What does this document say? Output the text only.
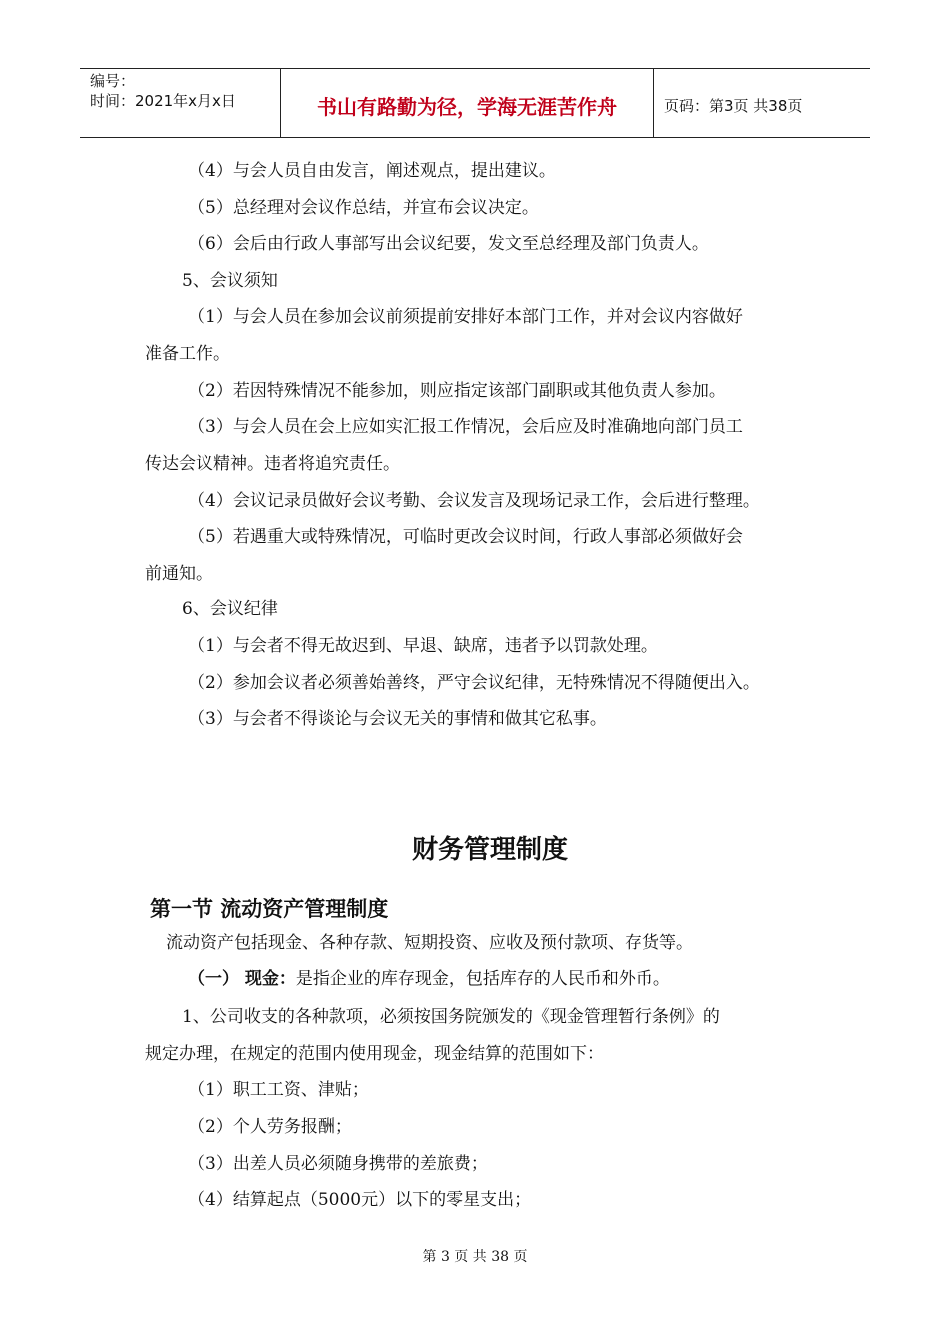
编号：
时间：2021年x月x日	书山有路勤为径，学海无涯苦作舟	页码：第3页 共38页
（4）与会人员自由发言，阐述观点，提出建议。
（5）总经理对会议作总结，并宣布会议决定。
（6）会后由行政人事部写出会议纪要，发文至总经理及部门负责人。
5、会议须知
（1）与会人员在参加会议前须提前安排好本部门工作，并对会议内容做好
准备工作。
（2）若因特殊情况不能参加，则应指定该部门副职或其他负责人参加。
（3）与会人员在会上应如实汇报工作情况，会后应及时准确地向部门员工
传达会议精神。违者将追究责任。
（4）会议记录员做好会议考勤、会议发言及现场记录工作，会后进行整理。
（5）若遇重大或特殊情况，可临时更改会议时间，行政人事部必须做好会
前通知。
6、会议纪律
（1）与会者不得无故迟到、早退、缺席，违者予以罚款处理。
（2）参加会议者必须善始善终，严守会议纪律，无特殊情况不得随便出入。
（3）与会者不得谈论与会议无关的事情和做其它私事。
财务管理制度
第一节 流动资产管理制度
流动资产包括现金、各种存款、短期投资、应收及预付款项、存货等。
（一） 现金：是指企业的库存现金，包括库存的人民币和外币。
1、公司收支的各种款项，必须按国务院颁发的《现金管理暂行条例》的
规定办理，在规定的范围内使用现金，现金结算的范围如下：
（1）职工工资、津贴；
（2）个人劳务报酬；
（3）出差人员必须随身携带的差旅费；
（4）结算起点（5000元）以下的零星支出；
第 3 页 共 38 页
